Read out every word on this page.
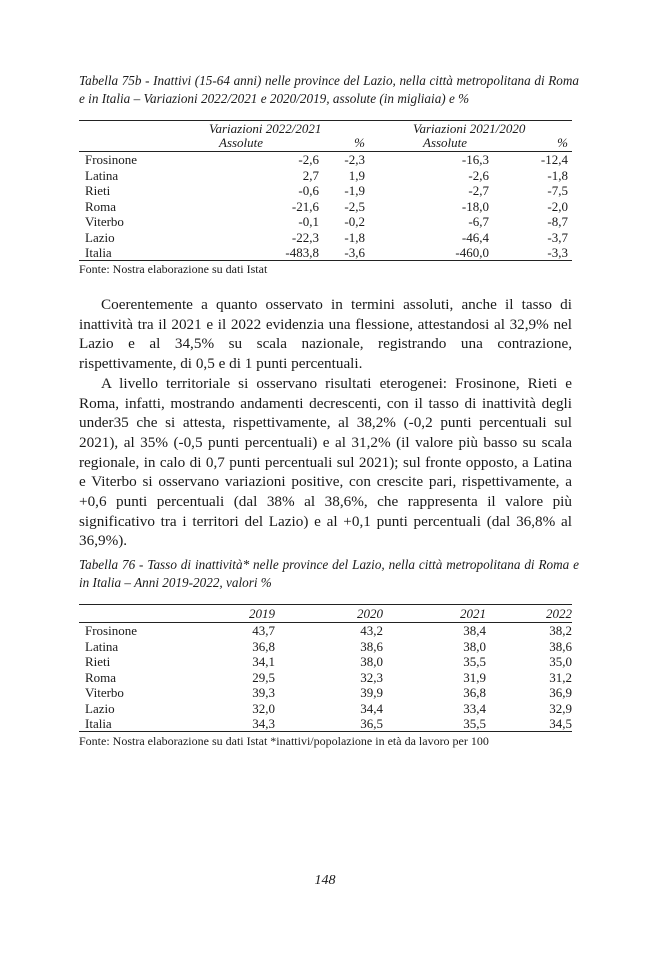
Tabella 75b - Inattivi (15-64 anni) nelle province del Lazio, nella città metropolitana di Roma e in Italia – Variazioni 2022/2021 e 2020/2019, assolute (in migliaia) e %
Variazioni 2022/2021	Variazioni 2021/2020
Assolute	%	Assolute	%
Frosinone	-2,6	-2,3	-16,3	-12,4
Latina	2,7	1,9	-2,6	-1,8
Rieti	-0,6	-1,9	-2,7	-7,5
Roma	-21,6	-2,5	-18,0	-2,0
Viterbo	-0,1	-0,2	-6,7	-8,7
Lazio	-22,3	-1,8	-46,4	-3,7
Italia	-483,8	-3,6	-460,0	-3,3
Fonte: Nostra elaborazione su dati Istat

Coerentemente a quanto osservato in termini assoluti, anche il tasso di inattività tra il 2021 e il 2022 evidenzia una flessione, attestandosi al 32,9% nel Lazio e al 34,5% su scala nazionale, registrando una contrazione, rispettivamente, di 0,5 e di 1 punti percentuali.

A livello territoriale si osservano risultati eterogenei: Frosinone, Rieti e Roma, infatti, mostrando andamenti decrescenti, con il tasso di inattività degli under35 che si attesta, rispettivamente, al 38,2% (-0,2 punti percentuali sul 2021), al 35% (-0,5 punti percentuali) e al 31,2% (il valore più basso su scala regionale, in calo di 0,7 punti percentuali sul 2021); sul fronte opposto, a Latina e Viterbo si osservano variazioni positive, con crescite pari, rispettivamente, a +0,6 punti percentuali (dal 38% al 38,6%, che rappresenta il valore più significativo tra i territori del Lazio) e al +0,1 punti percentuali (dal 36,8% al 36,9%).

Tabella 76 - Tasso di inattività* nelle province del Lazio, nella città metropolitana di Roma e in Italia – Anni 2019-2022, valori %
2019	2020	2021	2022
Frosinone	43,7	43,2	38,4	38,2
Latina	36,8	38,6	38,0	38,6
Rieti	34,1	38,0	35,5	35,0
Roma	29,5	32,3	31,9	31,2
Viterbo	39,3	39,9	36,8	36,9
Lazio	32,0	34,4	33,4	32,9
Italia	34,3	36,5	35,5	34,5
Fonte: Nostra elaborazione su dati Istat *inattivi/popolazione in età da lavoro per 100
148
